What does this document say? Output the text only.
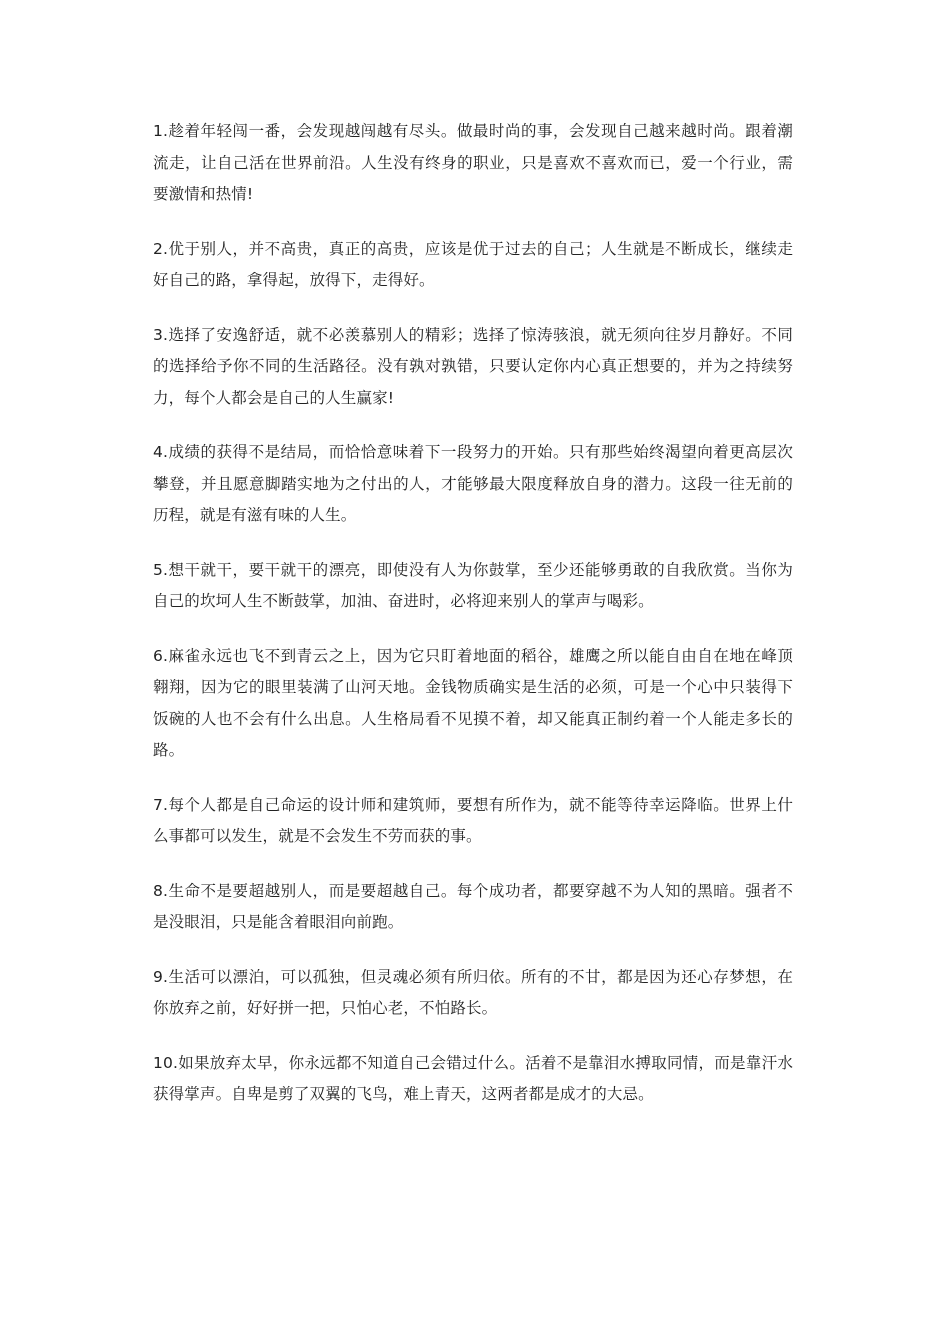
1.趁着年轻闯一番，会发现越闯越有尽头。做最时尚的事，会发现自己越来越时尚。跟着潮流走，让自己活在世界前沿。人生没有终身的职业，只是喜欢不喜欢而已，爱一个行业，需要激情和热情!

2.优于别人，并不高贵，真正的高贵，应该是优于过去的自己；人生就是不断成长，继续走好自己的路，拿得起，放得下，走得好。

3.选择了安逸舒适，就不必羡慕别人的精彩；选择了惊涛骇浪，就无须向往岁月静好。不同的选择给予你不同的生活路径。没有孰对孰错，只要认定你内心真正想要的，并为之持续努力，每个人都会是自己的人生赢家!

4.成绩的获得不是结局，而恰恰意味着下一段努力的开始。只有那些始终渴望向着更高层次攀登，并且愿意脚踏实地为之付出的人，才能够最大限度释放自身的潜力。这段一往无前的历程，就是有滋有味的人生。

5.想干就干，要干就干的漂亮，即使没有人为你鼓掌，至少还能够勇敢的自我欣赏。当你为自己的坎坷人生不断鼓掌，加油、奋进时，必将迎来别人的掌声与喝彩。

6.麻雀永远也飞不到青云之上，因为它只盯着地面的稻谷，雄鹰之所以能自由自在地在峰顶翱翔，因为它的眼里装满了山河天地。金钱物质确实是生活的必须，可是一个心中只装得下饭碗的人也不会有什么出息。人生格局看不见摸不着，却又能真正制约着一个人能走多长的路。

7.每个人都是自己命运的设计师和建筑师，要想有所作为，就不能等待幸运降临。世界上什么事都可以发生，就是不会发生不劳而获的事。

8.生命不是要超越别人，而是要超越自己。每个成功者，都要穿越不为人知的黑暗。强者不是没眼泪，只是能含着眼泪向前跑。

9.生活可以漂泊，可以孤独，但灵魂必须有所归依。所有的不甘，都是因为还心存梦想，在你放弃之前，好好拼一把，只怕心老，不怕路长。

10.如果放弃太早，你永远都不知道自己会错过什么。活着不是靠泪水搏取同情，而是靠汗水获得掌声。自卑是剪了双翼的飞鸟，难上青天，这两者都是成才的大忌。
